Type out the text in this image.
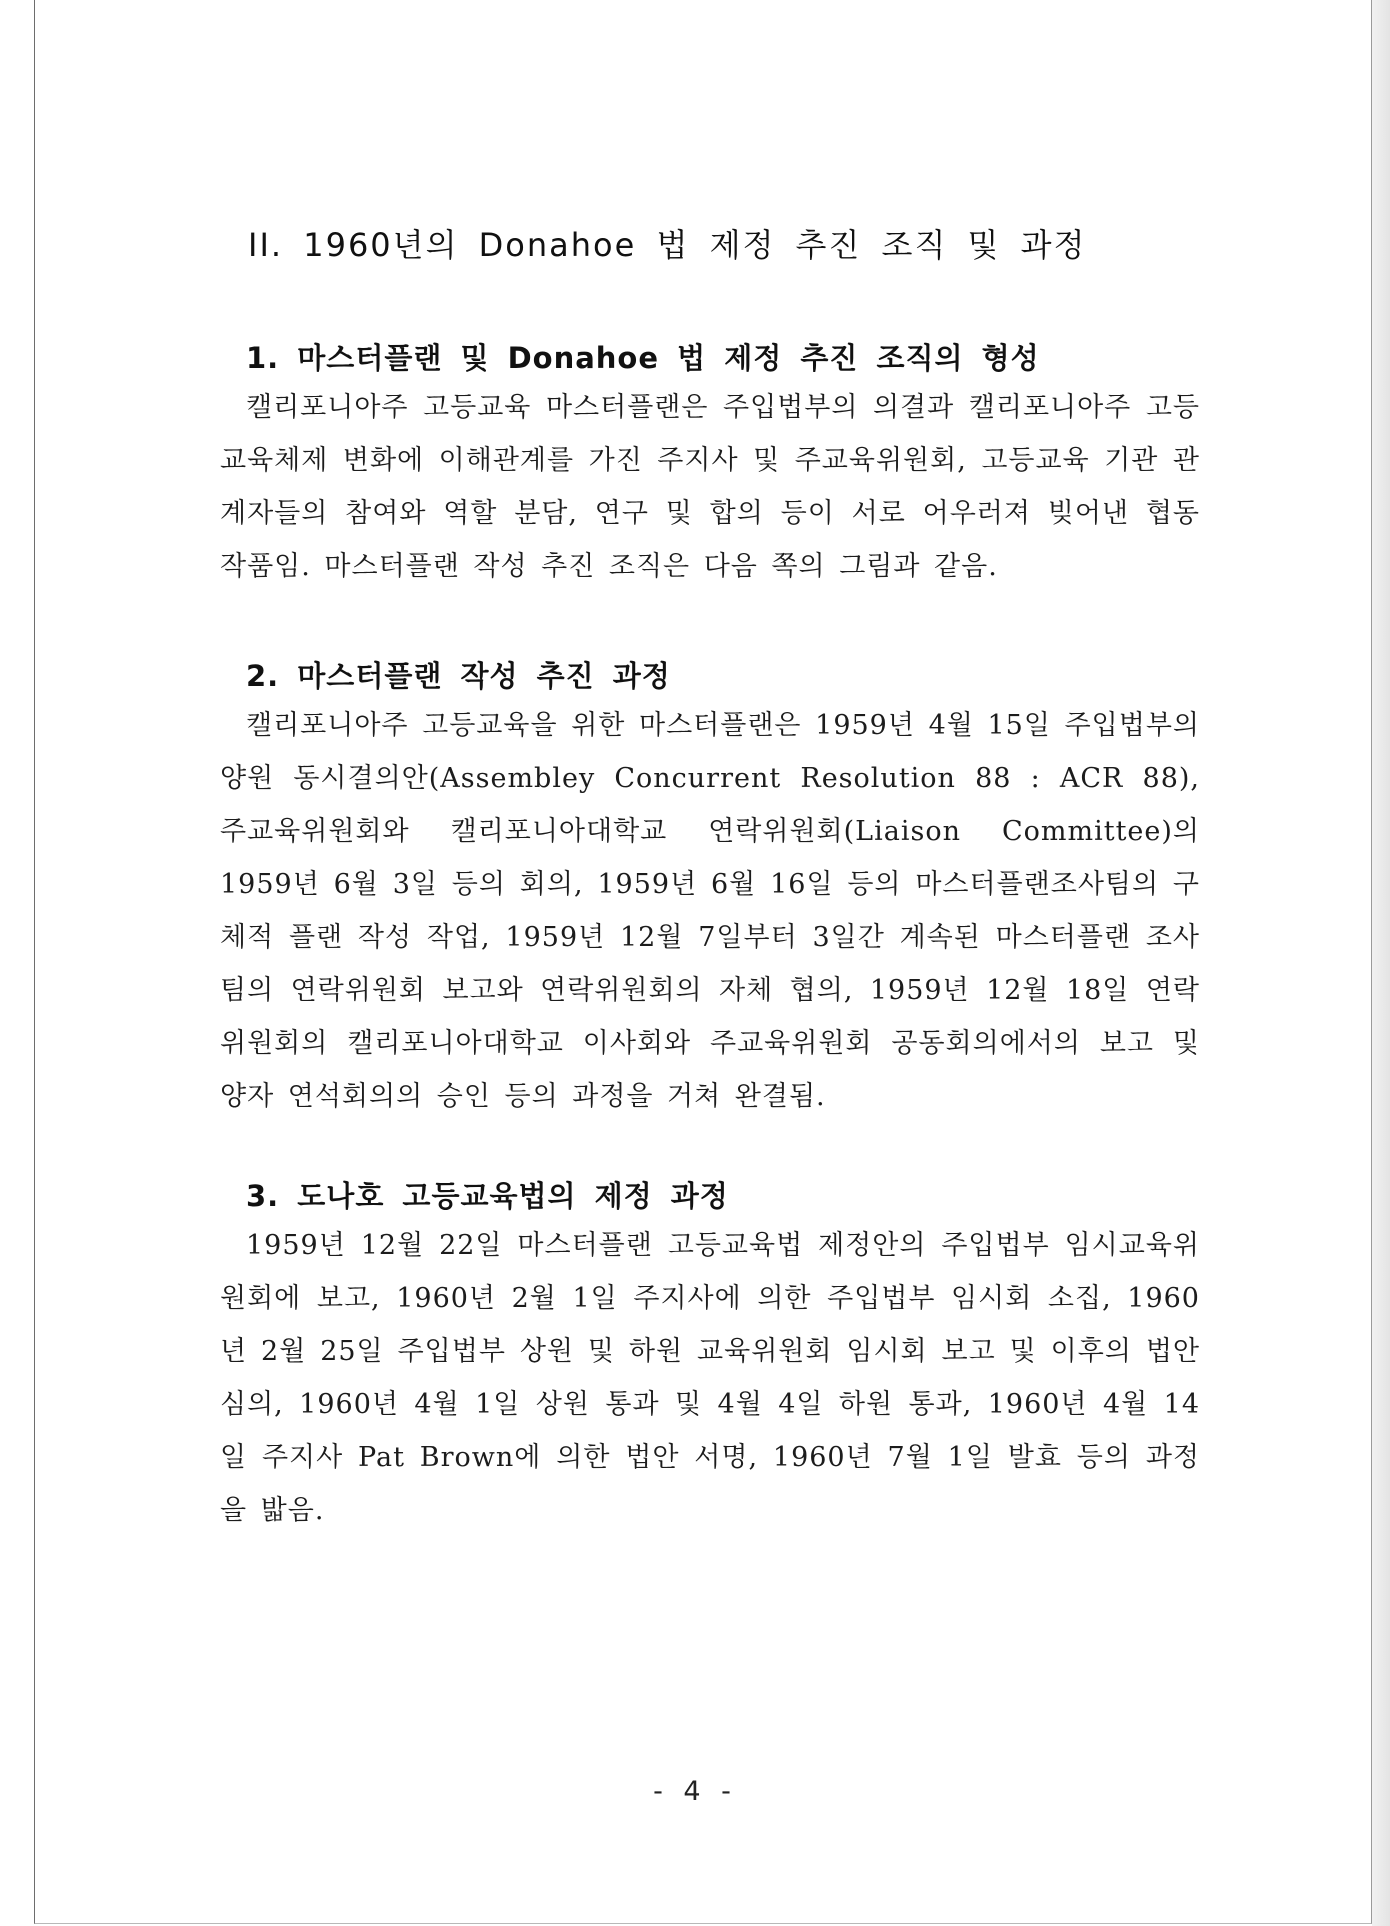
II. 1960년의 Donahoe 법 제정 추진 조직 및 과정
1. 마스터플랜 및 Donahoe 법 제정 추진 조직의 형성

캘리포니아주 고등교육 마스터플랜은 주입법부의 의결과 캘리포니아주 고등교육체제 변화에 이해관계를 가진 주지사 및 주교육위원회, 고등교육 기관 관계자들의 참여와 역할 분담, 연구 및 합의 등이 서로 어우러져 빚어낸 협동 작품임. 마스터플랜 작성 추진 조직은 다음 쪽의 그림과 같음.

2. 마스터플랜 작성 추진 과정

캘리포니아주 고등교육을 위한 마스터플랜은 1959년 4월 15일 주입법부의 양원 동시결의안(Assembley Concurrent Resolution 88 : ACR 88), 주교육위원회와 캘리포니아대학교 연락위원회(Liaison Committee)의 1959년 6월 3일 등의 회의, 1959년 6월 16일 등의 마스터플랜조사팀의 구체적 플랜 작성 작업, 1959년 12월 7일부터 3일간 계속된 마스터플랜 조사팀의 연락위원회 보고와 연락위원회의 자체 협의, 1959년 12월 18일 연락위원회의 캘리포니아대학교 이사회와 주교육위원회 공동회의에서의 보고 및 양자 연석회의의 승인 등의 과정을 거쳐 완결됨.

3. 도나호 고등교육법의 제정 과정

1959년 12월 22일 마스터플랜 고등교육법 제정안의 주입법부 임시교육위원회에 보고, 1960년 2월 1일 주지사에 의한 주입법부 임시회 소집, 1960년 2월 25일 주입법부 상원 및 하원 교육위원회 임시회 보고 및 이후의 법안 심의, 1960년 4월 1일 상원 통과 및 4월 4일 하원 통과, 1960년 4월 14일 주지사 Pat Brown에 의한 법안 서명, 1960년 7월 1일 발효 등의 과정을 밟음.

- 4 -
